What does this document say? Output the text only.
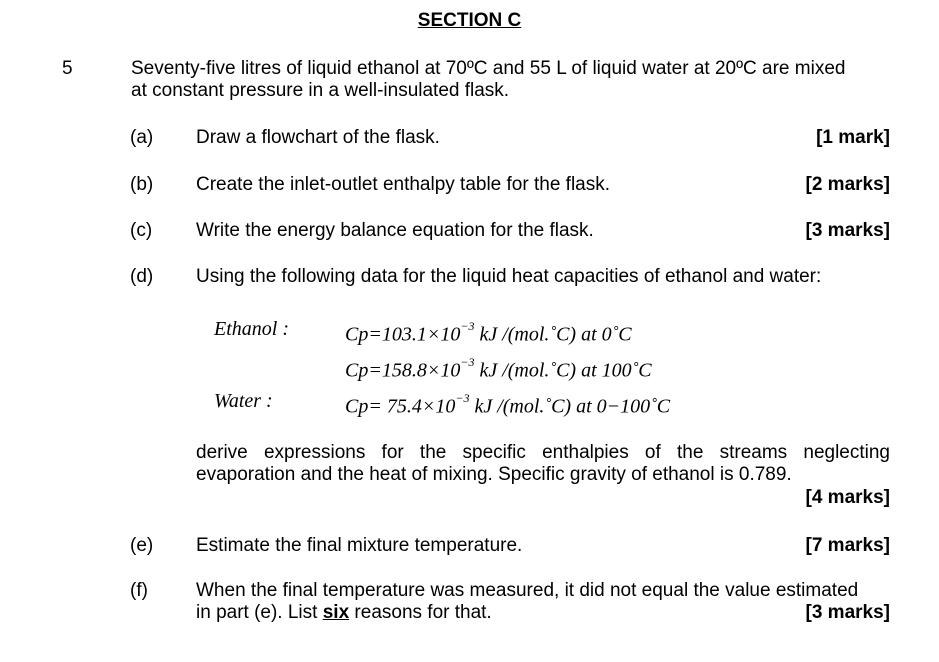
SECTION C
5	Seventy-five litres of liquid ethanol at 70ºC and 55 L of liquid water at 20ºC are mixed
at constant pressure in a well-insulated flask.
(a) Draw a flowchart of the flask.	[1 mark]
(b) Create the inlet-outlet enthalpy table for the flask.	[2 marks]
(c) Write the energy balance equation for the flask.	[3 marks]
(d) Using the following data for the liquid heat capacities of ethanol and water:
Ethanol :	$Cp=103.1\times 10^{-3}$ kJ /(mol.˚C) at 0˚C
$Cp=158.8\times 10^{-3}$ kJ /(mol.˚C) at 100˚C
Water :	$Cp= 75.4\times 10^{-3}$ kJ /(mol.˚C) at 0−100˚C
derive expressions for the specific enthalpies of the streams neglecting
evaporation and the heat of mixing. Specific gravity of ethanol is 0.789.
[4 marks]
(e) Estimate the final mixture temperature.	[7 marks]
(f)	When the final temperature was measured, it did not equal the value estimated
in part (e). List six reasons for that.	[3 marks]
